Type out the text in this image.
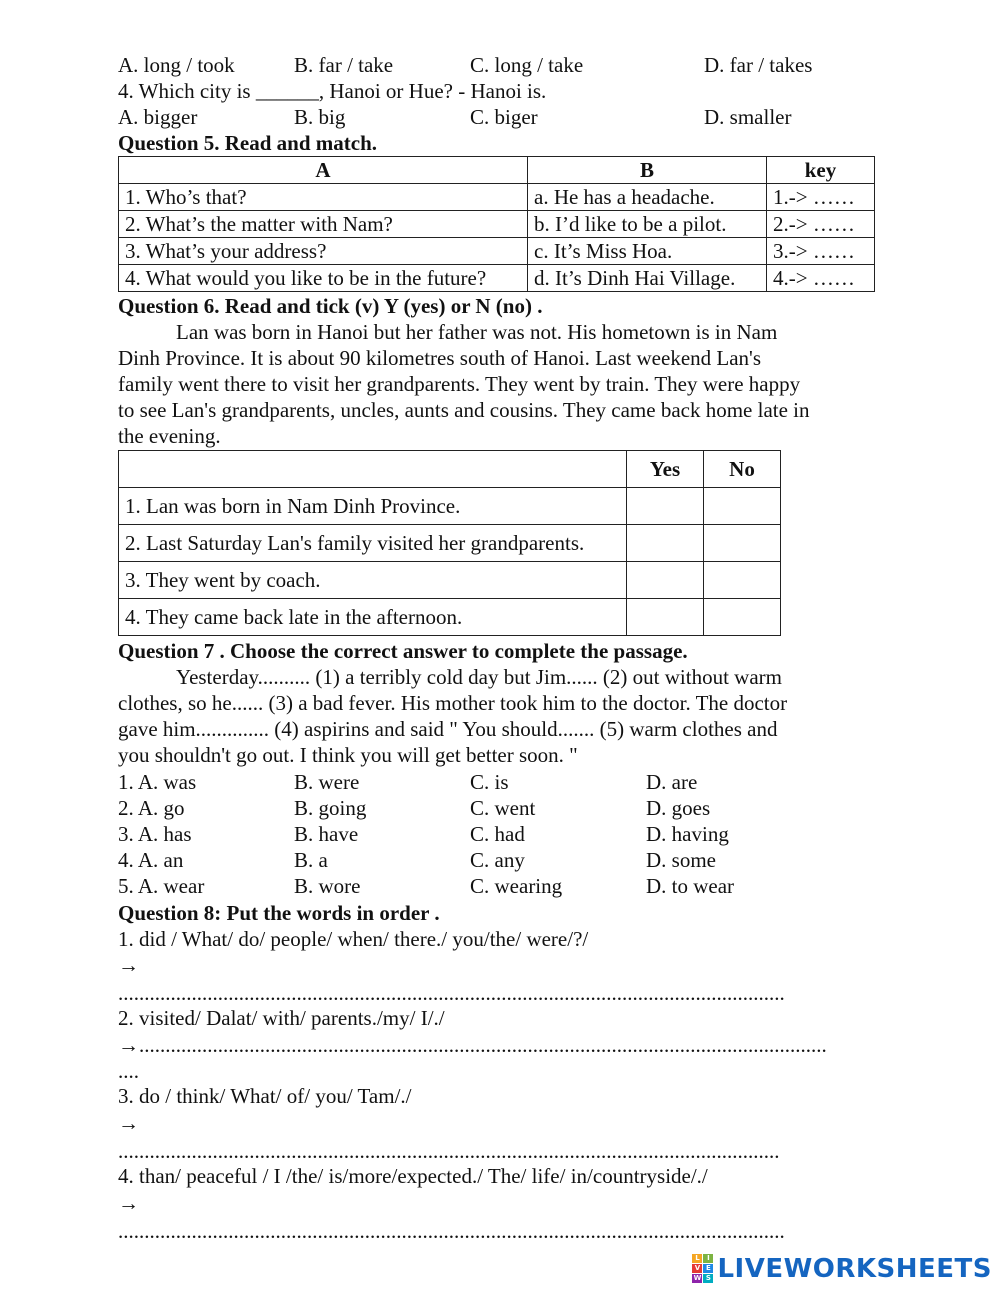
A. long / took	B. far / take	C. long / take	D. far / takes
4. Which city is ______, Hanoi or Hue? - Hanoi is.
A. bigger	B. big	C. biger	D. smaller
Question 5. Read and match.
A	B	key
1. Who’s that?	a. He has a headache.	1.-> ……
2. What’s the matter with Nam?	b. I’d like to be a pilot.	2.-> ……
3. What’s your address?	c. It’s Miss Hoa.	3.-> ……
4. What would you like to be in the future?	d. It’s Dinh Hai Village.	4.-> ……
Question 6. Read and tick (v) Y (yes) or N (no) .
Lan was born in Hanoi but her father was not. His hometown is in Nam
Dinh Province. It is about 90 kilometres south of Hanoi. Last weekend Lan's
family went there to visit her grandparents. They went by train. They were happy
to see Lan's grandparents, uncles, aunts and cousins. They came back home late in
the evening.
	Yes	No
1. Lan was born in Nam Dinh Province.		
2. Last Saturday Lan's family visited her grandparents.		
3. They went by coach.		
4. They came back late in the afternoon.		
Question 7 . Choose the correct answer to complete the passage.
Yesterday.......... (1) a terribly cold day but Jim...... (2) out without warm
clothes, so he...... (3) a bad fever. His mother took him to the doctor. The doctor
gave him.............. (4) aspirins and said " You should....... (5) warm clothes and
you shouldn't go out. I think you will get better soon. "
1. A. was	B. were	C. is	D. are
2. A. go	B. going	C. went	D. goes
3. A. has	B. have	C. had	D. having
4. A. an	B. a	C. any	D. some
5. A. wear	B. wore	C. wearing	D. to wear
Question 8: Put the words in order .
1. did / What/ do/ people/ when/ there./ you/the/ were/?/
→
...............................................................................................................................
2. visited/ Dalat/ with/ parents./my/ I/./
→...................................................................................................................................
....
3. do / think/ What/ of/ you/ Tam/./
→
..............................................................................................................................
4. than/ peaceful / I /the/ is/more/expected./ The/ life/ in/countryside/./
→
...............................................................................................................................
L	I
V E
W S LIVEWORKSHEETS
